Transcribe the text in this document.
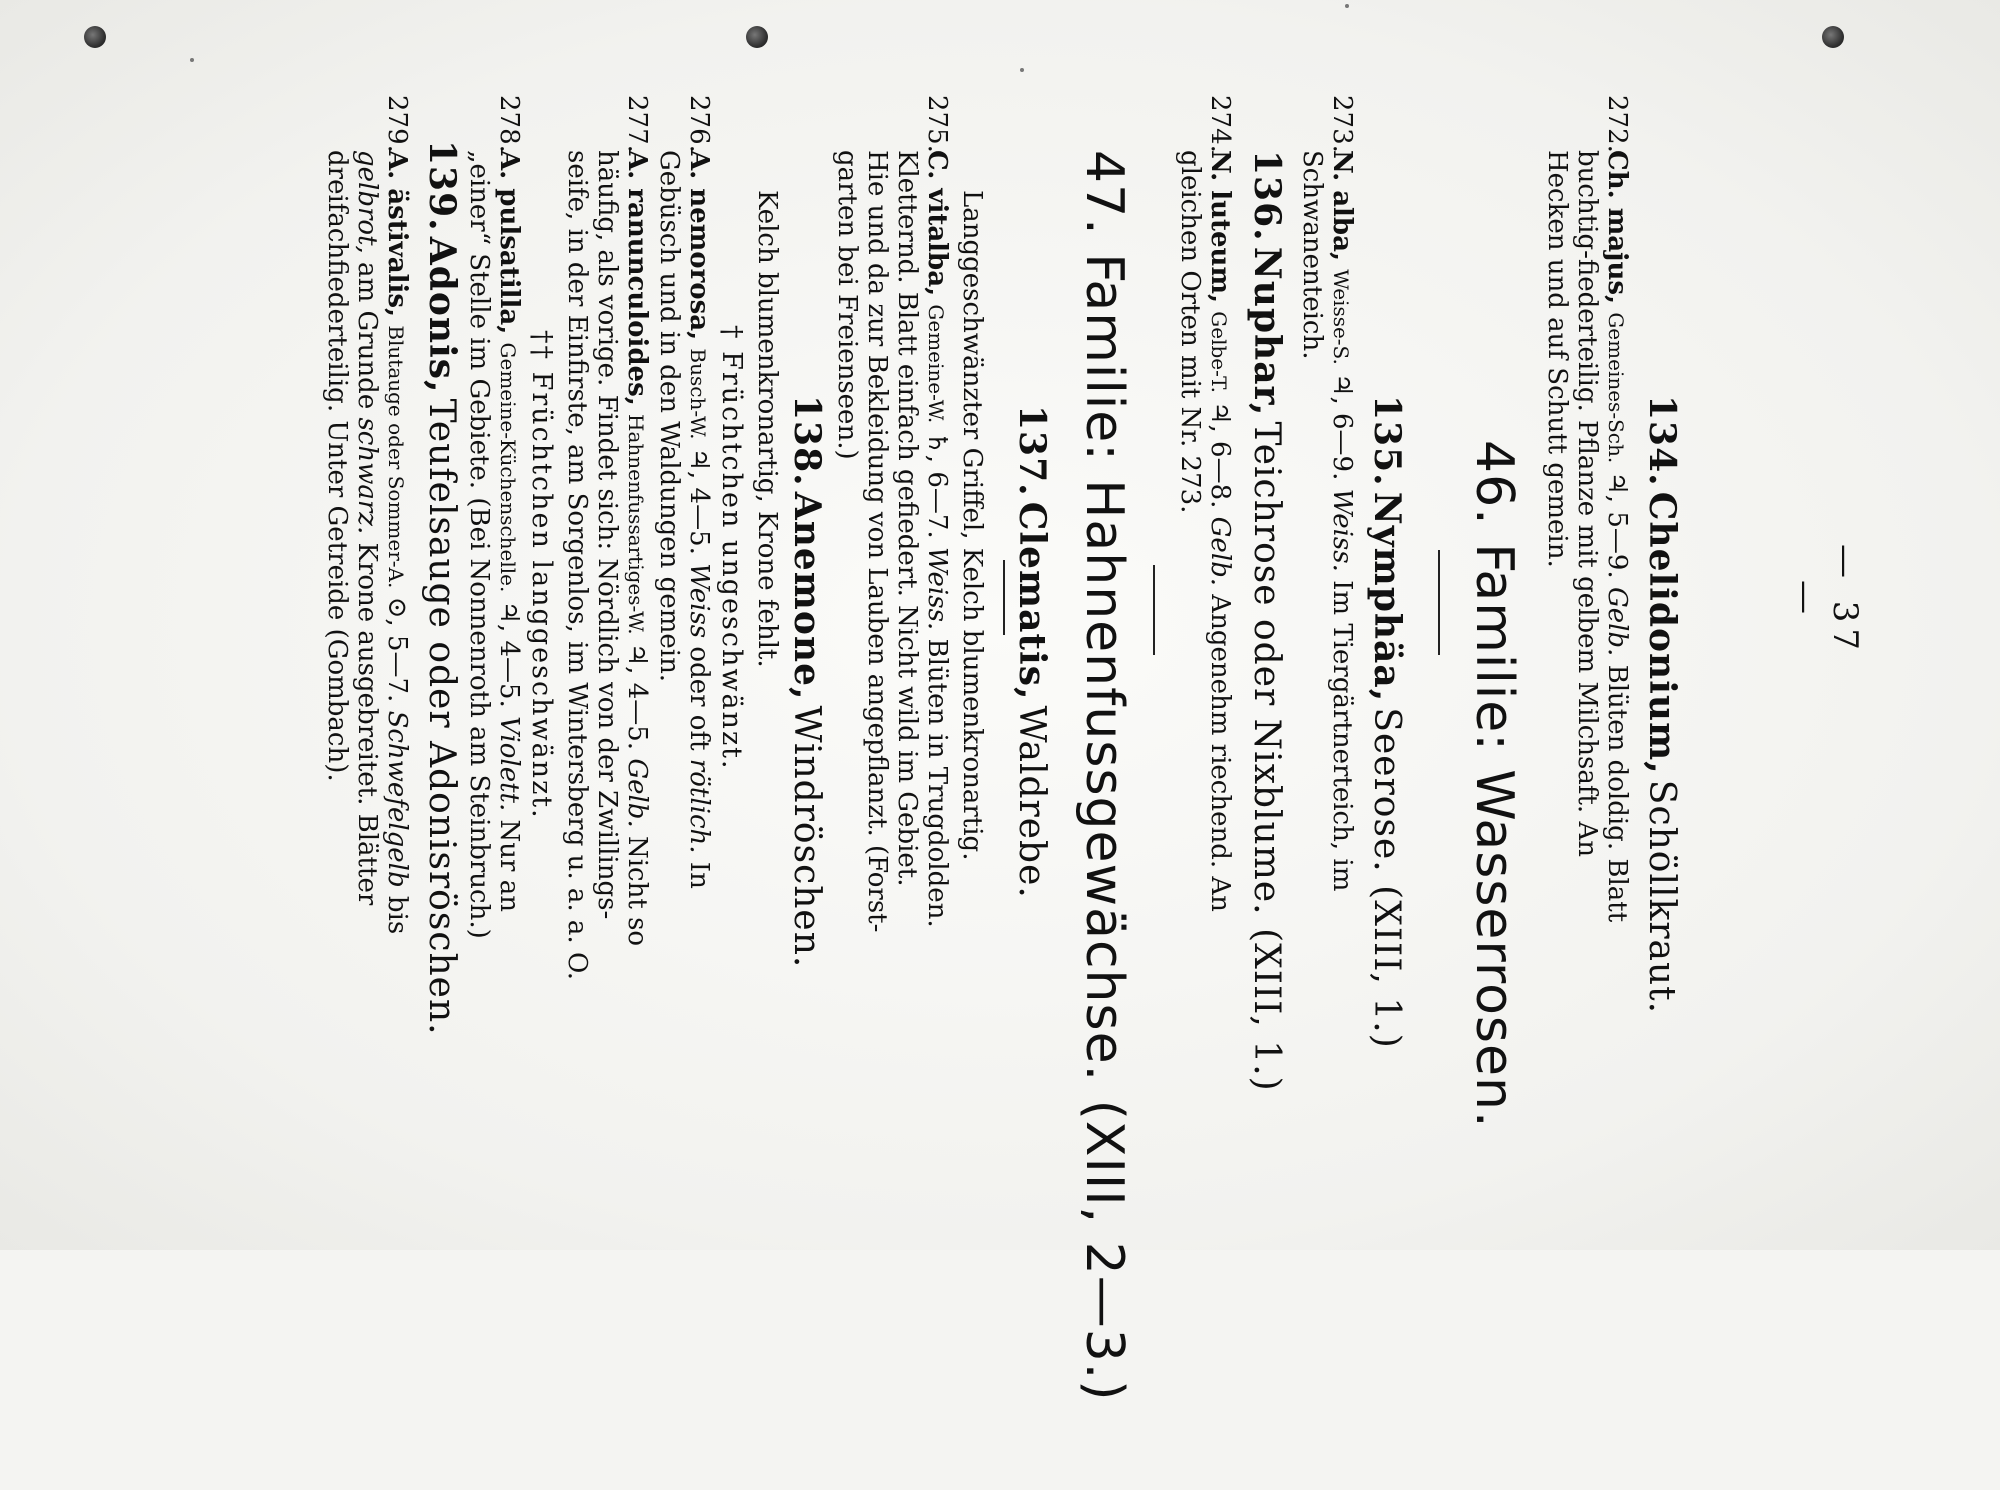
— 37 —
134. Chelidonium, Schöllkraut.
272.Ch. majus, Gemeines-Sch. ♃, 5—9. Gelb. Blüten doldig. Blatt
buchtig-fiederteilig. Pflanze mit gelbem Milchsaft. An
Hecken und auf Schutt gemein.
46. Familie: Wasserrosen.
135. Nymphäa, Seerose. (XIII, 1.)
273.N. alba, Weisse-S. ♃, 6—9. Weiss. Im Tiergärtnerteich, im
Schwanenteich.
136. Nuphar, Teichrose oder Nixblume. (XIII, 1.)
274.N. luteum, Gelbe-T. ♃, 6—8. Gelb. Angenehm riechend. An
gleichen Orten mit Nr. 273.
47. Familie: Hahnenfussgewächse. (XIII, 2—3.)
137. Clematis, Waldrebe.
Langgeschwänzter Griffel, Kelch blumenkronartig.
275.C. vitalba, Gemeine-W. ♄, 6—7. Weiss. Blüten in Trugdolden.
Kletternd. Blatt einfach gefiedert. Nicht wild im Gebiet.
Hie und da zur Bekleidung von Lauben angepflanzt. (Forst-
garten bei Freienseen.)
138. Anemone, Windröschen.
Kelch blumenkronartig, Krone fehlt.
† Früchtchen ungeschwänzt.
276.A. nemorosa, Busch-W. ♃, 4—5. Weiss oder oft rötlich. In
Gebüsch und in den Waldungen gemein.
277.A. ranunculoides, Hahnenfussartiges-W. ♃, 4—5. Gelb. Nicht so
häufig, als vorige. Findet sich: Nördlich von der Zwillings-
seife, in der Einfirste, am Sorgenlos, im Wintersberg u. a. a. O.
†† Früchtchen langgeschwänzt.
278.A. pulsatilla, Gemeine-Küchenschelle. ♃, 4—5. Violett. Nur an
„einer“ Stelle im Gebiete. (Bei Nonnenroth am Steinbruch.)
139. Adonis, Teufelsauge oder Adonisröschen.
279.A. ästivalis, Blutauge oder Sommer-A. ⊙, 5—7. Schwefelgelb bis
gelbrot, am Grunde schwarz. Krone ausgebreitet. Blätter
dreifachfiederteilig. Unter Getreide (Gombach).
